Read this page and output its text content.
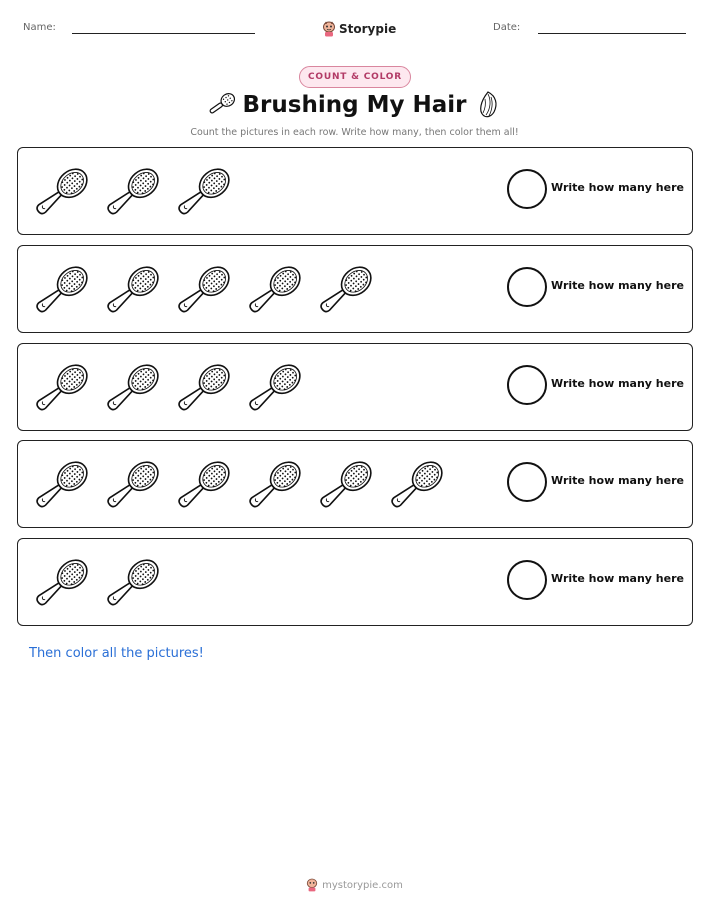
Name:	Storypie	Date:
COUNT & COLOR
Brushing My Hair
Count the pictures in each row. Write how many, then color them all!
Write how many here
Write how many here
Write how many here
Write how many here
Write how many here
Then color all the pictures!
mystorypie.com
